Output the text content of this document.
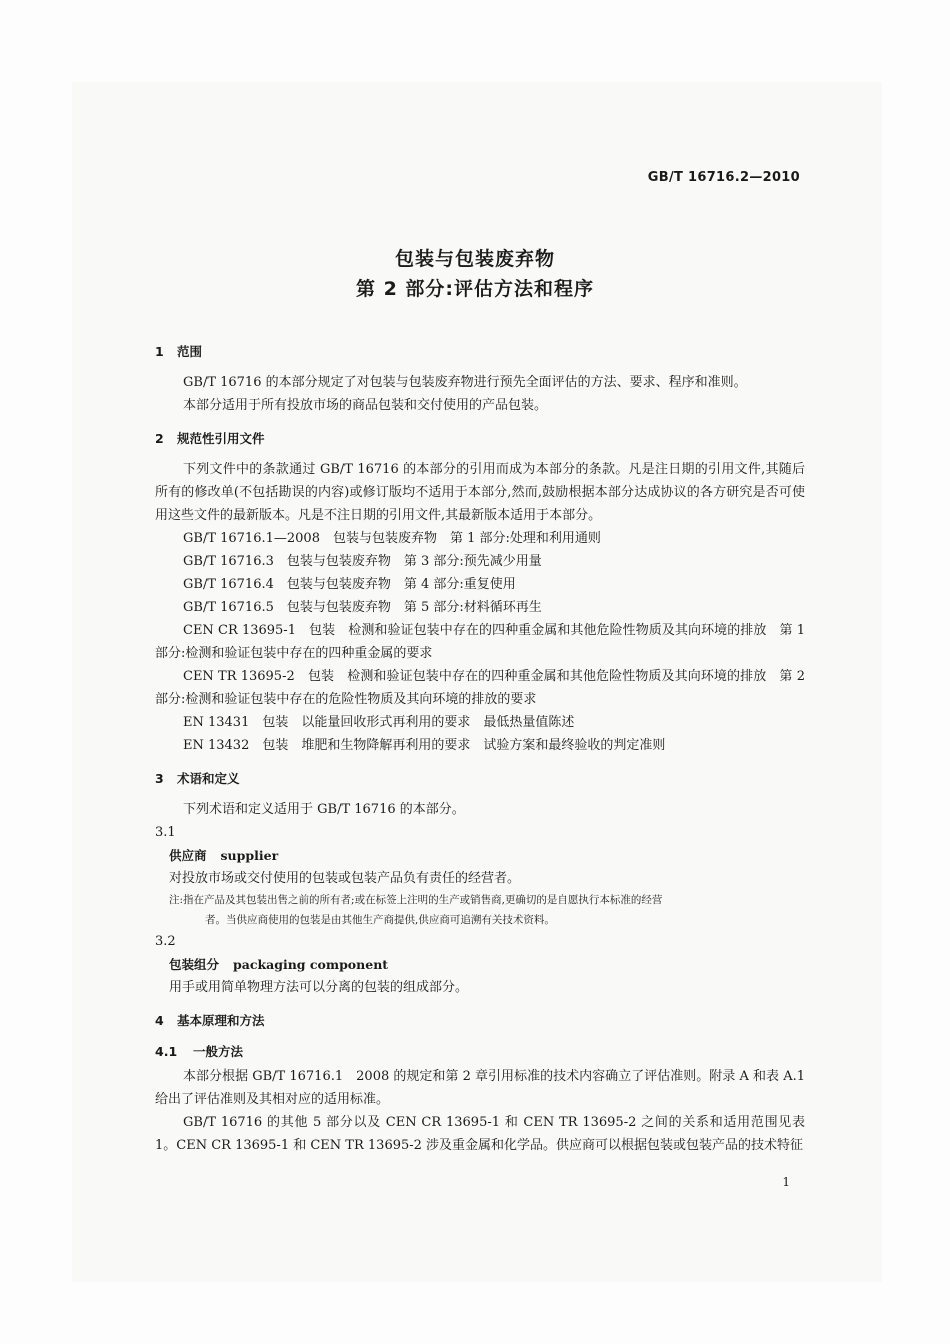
GB/T 16716.2—2010
包装与包装废弃物
第 2 部分:评估方法和程序
1 范围

GB/T 16716 的本部分规定了对包装与包装废弃物进行预先全面评估的方法、要求、程序和准则。

本部分适用于所有投放市场的商品包装和交付使用的产品包装。

2 规范性引用文件

下列文件中的条款通过 GB/T 16716 的本部分的引用而成为本部分的条款。凡是注日期的引用文件,其随后所有的修改单(不包括勘误的内容)或修订版均不适用于本部分,然而,鼓励根据本部分达成协议的各方研究是否可使用这些文件的最新版本。凡是不注日期的引用文件,其最新版本适用于本部分。

GB/T 16716.1—2008　包装与包装废弃物　第 1 部分:处理和利用通则

GB/T 16716.3　包装与包装废弃物　第 3 部分:预先减少用量

GB/T 16716.4　包装与包装废弃物　第 4 部分:重复使用

GB/T 16716.5　包装与包装废弃物　第 5 部分:材料循环再生

CEN CR 13695-1　包装　检测和验证包装中存在的四种重金属和其他危险性物质及其向环境的排放　第 1 部分:检测和验证包装中存在的四种重金属的要求

CEN TR 13695-2　包装　检测和验证包装中存在的四种重金属和其他危险性物质及其向环境的排放　第 2 部分:检测和验证包装中存在的危险性物质及其向环境的排放的要求

EN 13431　包装　以能量回收形式再利用的要求　最低热量值陈述

EN 13432　包装　堆肥和生物降解再利用的要求　试验方案和最终验收的判定准则

3 术语和定义

下列术语和定义适用于 GB/T 16716 的本部分。

3.1

供应商 supplier

对投放市场或交付使用的包装或包装产品负有责任的经营者。

注:指在产品及其包装出售之前的所有者;或在标签上注明的生产或销售商,更确切的是自愿执行本标准的经营
者。当供应商使用的包装是由其他生产商提供,供应商可追溯有关技术资料。

3.2

包装组分 packaging component

用手或用简单物理方法可以分离的包装的组成部分。

4 基本原理和方法
4.1 一般方法

本部分根据 GB/T 16716.1　2008 的规定和第 2 章引用标准的技术内容确立了评估准则。附录 A 和表 A.1 给出了评估准则及其相对应的适用标准。

GB/T 16716 的其他 5 部分以及 CEN CR 13695-1 和 CEN TR 13695-2 之间的关系和适用范围见表 1。CEN CR 13695-1 和 CEN TR 13695-2 涉及重金属和化学品。供应商可以根据包装或包装产品的技术特征

1
